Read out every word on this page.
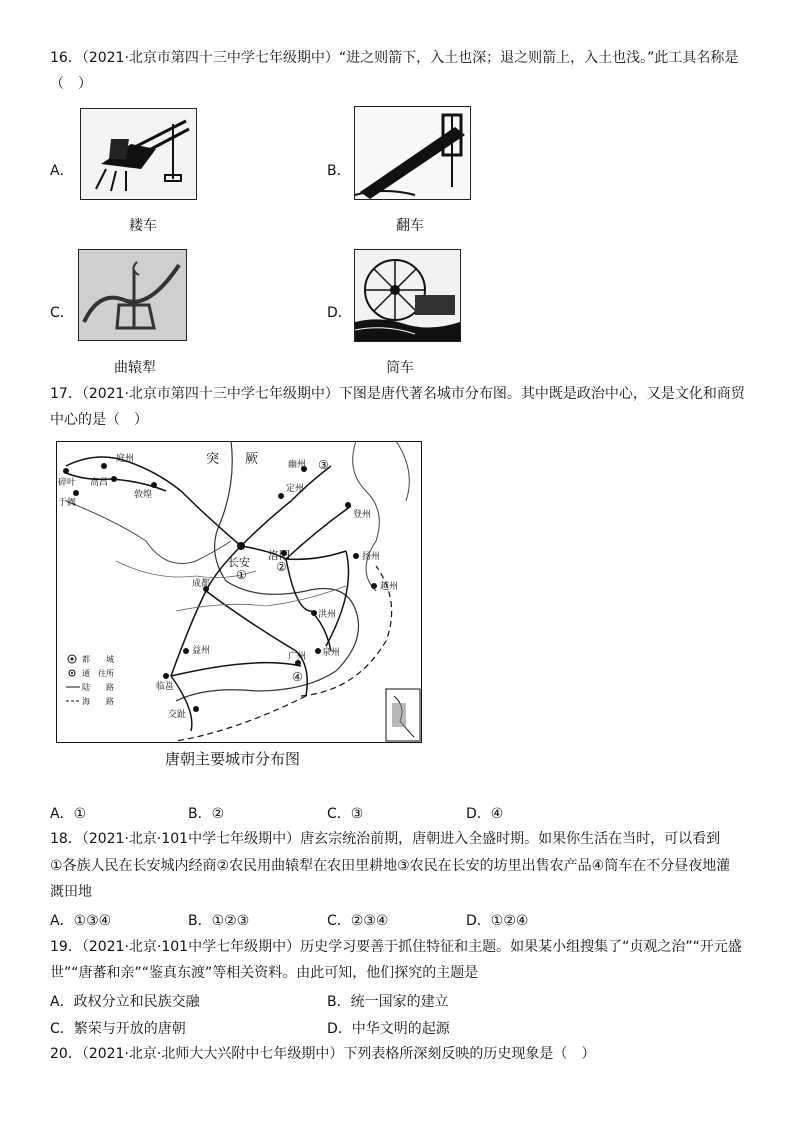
16．（2021·北京市第四十三中学七年级期中）“进之则箭下，入土也深；退之则箭上，入土也浅。”此工具名称是
（　）
A．
耧车
B．
翻车
C．
曲辕犁
D．
筒车
17．（2021·北京市第四十三中学七年级期中）下图是唐代著名城市分布图。其中既是政治中心，又是文化和商贸
中心的是（　）
庭州
高昌
碎叶
于阗
敦煌
幽州
定州
登州
长安
洛阳	扬州
越州
成都
益州
洪州
泉州
广州
临邕
交趾
突　　厥
①
②
③
④
都　　城
通　往所
陆　　路
海　　路
唐朝主要城市分布图
A．①	B．②	C．③	D．④
18．（2021·北京·101中学七年级期中）唐玄宗统治前期，唐朝进入全盛时期。如果你生活在当时，可以看到
①各族人民在长安城内经商②农民用曲辕犁在农田里耕地③农民在长安的坊里出售农产品④筒车在不分昼夜地灌
溉田地
A．①③④	B．①②③	C．②③④	D．①②④
19．（2021·北京·101中学七年级期中）历史学习要善于抓住特征和主题。如果某小组搜集了“贞观之治”“开元盛
世”“唐蕃和亲”“鉴真东渡”等相关资料。由此可知，他们探究的主题是
A．政权分立和民族交融	B．统一国家的建立
C．繁荣与开放的唐朝	D．中华文明的起源
20．（2021·北京·北师大大兴附中七年级期中）下列表格所深刻反映的历史现象是（　）
